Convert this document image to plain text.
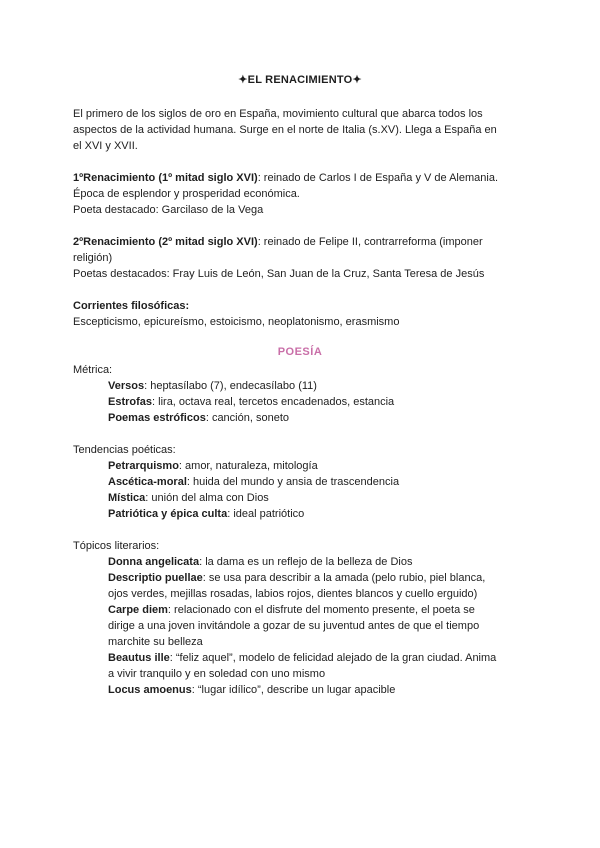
✦EL RENACIMIENTO✦
El primero de los siglos de oro en España, movimiento cultural que abarca todos los
aspectos de la actividad humana. Surge en el norte de Italia (s.XV). Llega a España en
el XVI y XVII.
1ºRenacimiento (1º mitad siglo XVI): reinado de Carlos I de España y V de Alemania.
Época de esplendor y prosperidad económica.
Poeta destacado: Garcilaso de la Vega
2ºRenacimiento (2º mitad siglo XVI): reinado de Felipe II, contrarreforma (imponer
religión)
Poetas destacados: Fray Luis de León, San Juan de la Cruz, Santa Teresa de Jesús
Corrientes filosóficas:
Escepticismo, epicureísmo, estoicismo, neoplatonismo, erasmismo
POESÍA
Métrica:
Versos: heptasílabo (7), endecasílabo (11)
Estrofas: lira, octava real, tercetos encadenados, estancia
Poemas estróficos: canción, soneto
Tendencias poéticas:
Petrarquismo: amor, naturaleza, mitología
Ascética-moral: huida del mundo y ansia de trascendencia
Mística: unión del alma con Dios
Patriótica y épica culta: ideal patriótico
Tópicos literarios:
Donna angelicata: la dama es un reflejo de la belleza de Dios
Descriptio puellae: se usa para describir a la amada (pelo rubio, piel blanca,
ojos verdes, mejillas rosadas, labios rojos, dientes blancos y cuello erguido)
Carpe diem: relacionado con el disfrute del momento presente, el poeta se
dirige a una joven invitándole a gozar de su juventud antes de que el tiempo
marchite su belleza
Beautus ille: “feliz aquel”, modelo de felicidad alejado de la gran ciudad. Anima
a vivir tranquilo y en soledad con uno mismo
Locus amoenus: “lugar idílico”, describe un lugar apacible
